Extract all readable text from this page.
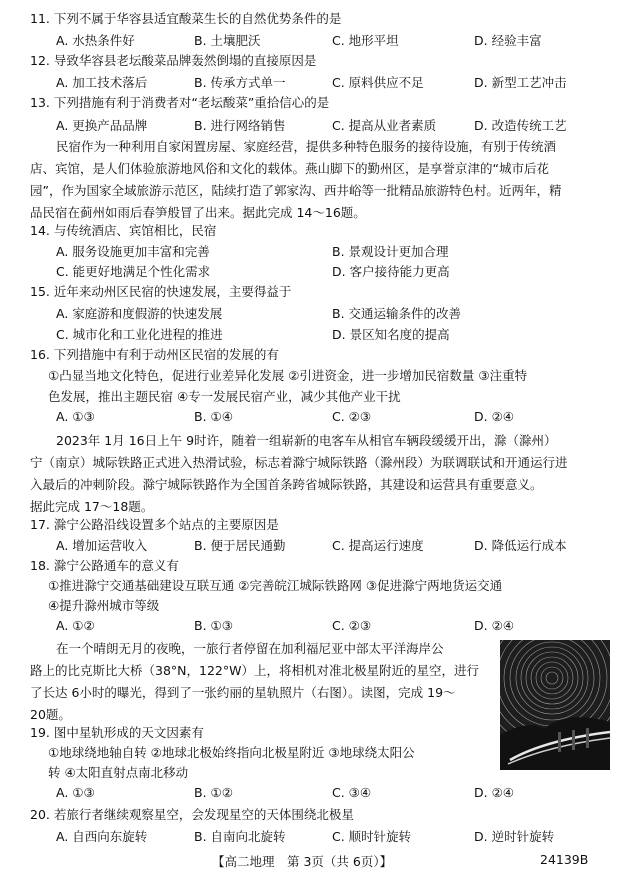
11. 下列不属于华容县适宜酸菜生长的自然优势条件的是
A. 水热条件好	B. 土壤肥沃	C. 地形平坦	D. 经验丰富
12. 导致华容县老坛酸菜品牌轰然倒塌的直接原因是
A. 加工技术落后	B. 传承方式单一	C. 原料供应不足	D. 新型工艺冲击
13. 下列措施有利于消费者对“老坛酸菜”重拾信心的是
A. 更换产品品牌	B. 进行网络销售	C. 提高从业者素质	D. 改造传统工艺
民宿作为一种利用自家闲置房屋、家庭经营，提供多种特色服务的接待设施，有别于传统酒
店、宾馆，是人们体验旅游地风俗和文化的载体。燕山脚下的勤州区，是享誉京津的“城市后花
园”，作为国家全域旅游示范区，陆续打造了郭家沟、西井峪等一批精品旅游特色村。近两年，精
品民宿在蓟州如雨后春笋般冒了出来。据此完成 14～16题。
14. 与传统酒店、宾馆相比，民宿
A. 服务设施更加丰富和完善	B. 景观设计更加合理
C. 能更好地满足个性化需求	D. 客户接待能力更高
15. 近年来动州区民宿的快速发展，主要得益于
A. 家庭游和度假游的快速发展	B. 交通运输条件的改善
C. 城市化和工业化进程的推进	D. 景区知名度的提高
16. 下列措施中有利于动州区民宿的发展的有
①凸显当地文化特色，促进行业差异化发展 ②引进资金，进一步增加民宿数量 ③注重特
色发展，推出主题民宿 ④专一发展民宿产业，减少其他产业干扰
A. ①③	B. ①④	C. ②③	D. ②④
2023年 1月 16日上午 9时许，随着一组崭新的电客车从相官车辆段缓缓开出，滁（滁州）
宁（南京）城际铁路正式进入热滑试验，标志着滁宁城际铁路（滁州段）为联调联试和开通运行进
入最后的冲刺阶段。滁宁城际铁路作为全国首条跨省城际铁路，其建设和运营具有重要意义。
据此完成 17～18题。
17. 滁宁公路沿线设置多个站点的主要原因是
A. 增加运营收入	B. 便于居民通勤	C. 提高运行速度	D. 降低运行成本
18. 滁宁公路通车的意义有
①推进滁宁交通基础建设互联互通 ②完善皖江城际铁路网 ③促进滁宁两地货运交通
④提升滁州城市等级
A. ①②	B. ①③	C. ②③	D. ②④
在一个晴朗无月的夜晚，一旅行者停留在加利福尼亚中部太平洋海岸公
路上的比克斯比大桥（38°N，122°W）上，将相机对准北极星附近的星空，进行
了长达 6小时的曝光，得到了一张约丽的星轨照片（右图）。读图，完成 19～
20题。
19. 图中星轨形成的天文因素有
①地球绕地轴自转 ②地球北极始终指向北极星附近 ③地球绕太阳公
转 ④太阳直射点南北移动
A. ①③	B. ①②	C. ③④	D. ②④
20. 若旅行者继续观察星空，会发现星空的天体围绕北极星
A. 自西向东旋转	B. 自南向北旋转	C. 顺时针旋转	D. 逆时针旋转
【高二地理　第 3页（共 6页）】	24139B
